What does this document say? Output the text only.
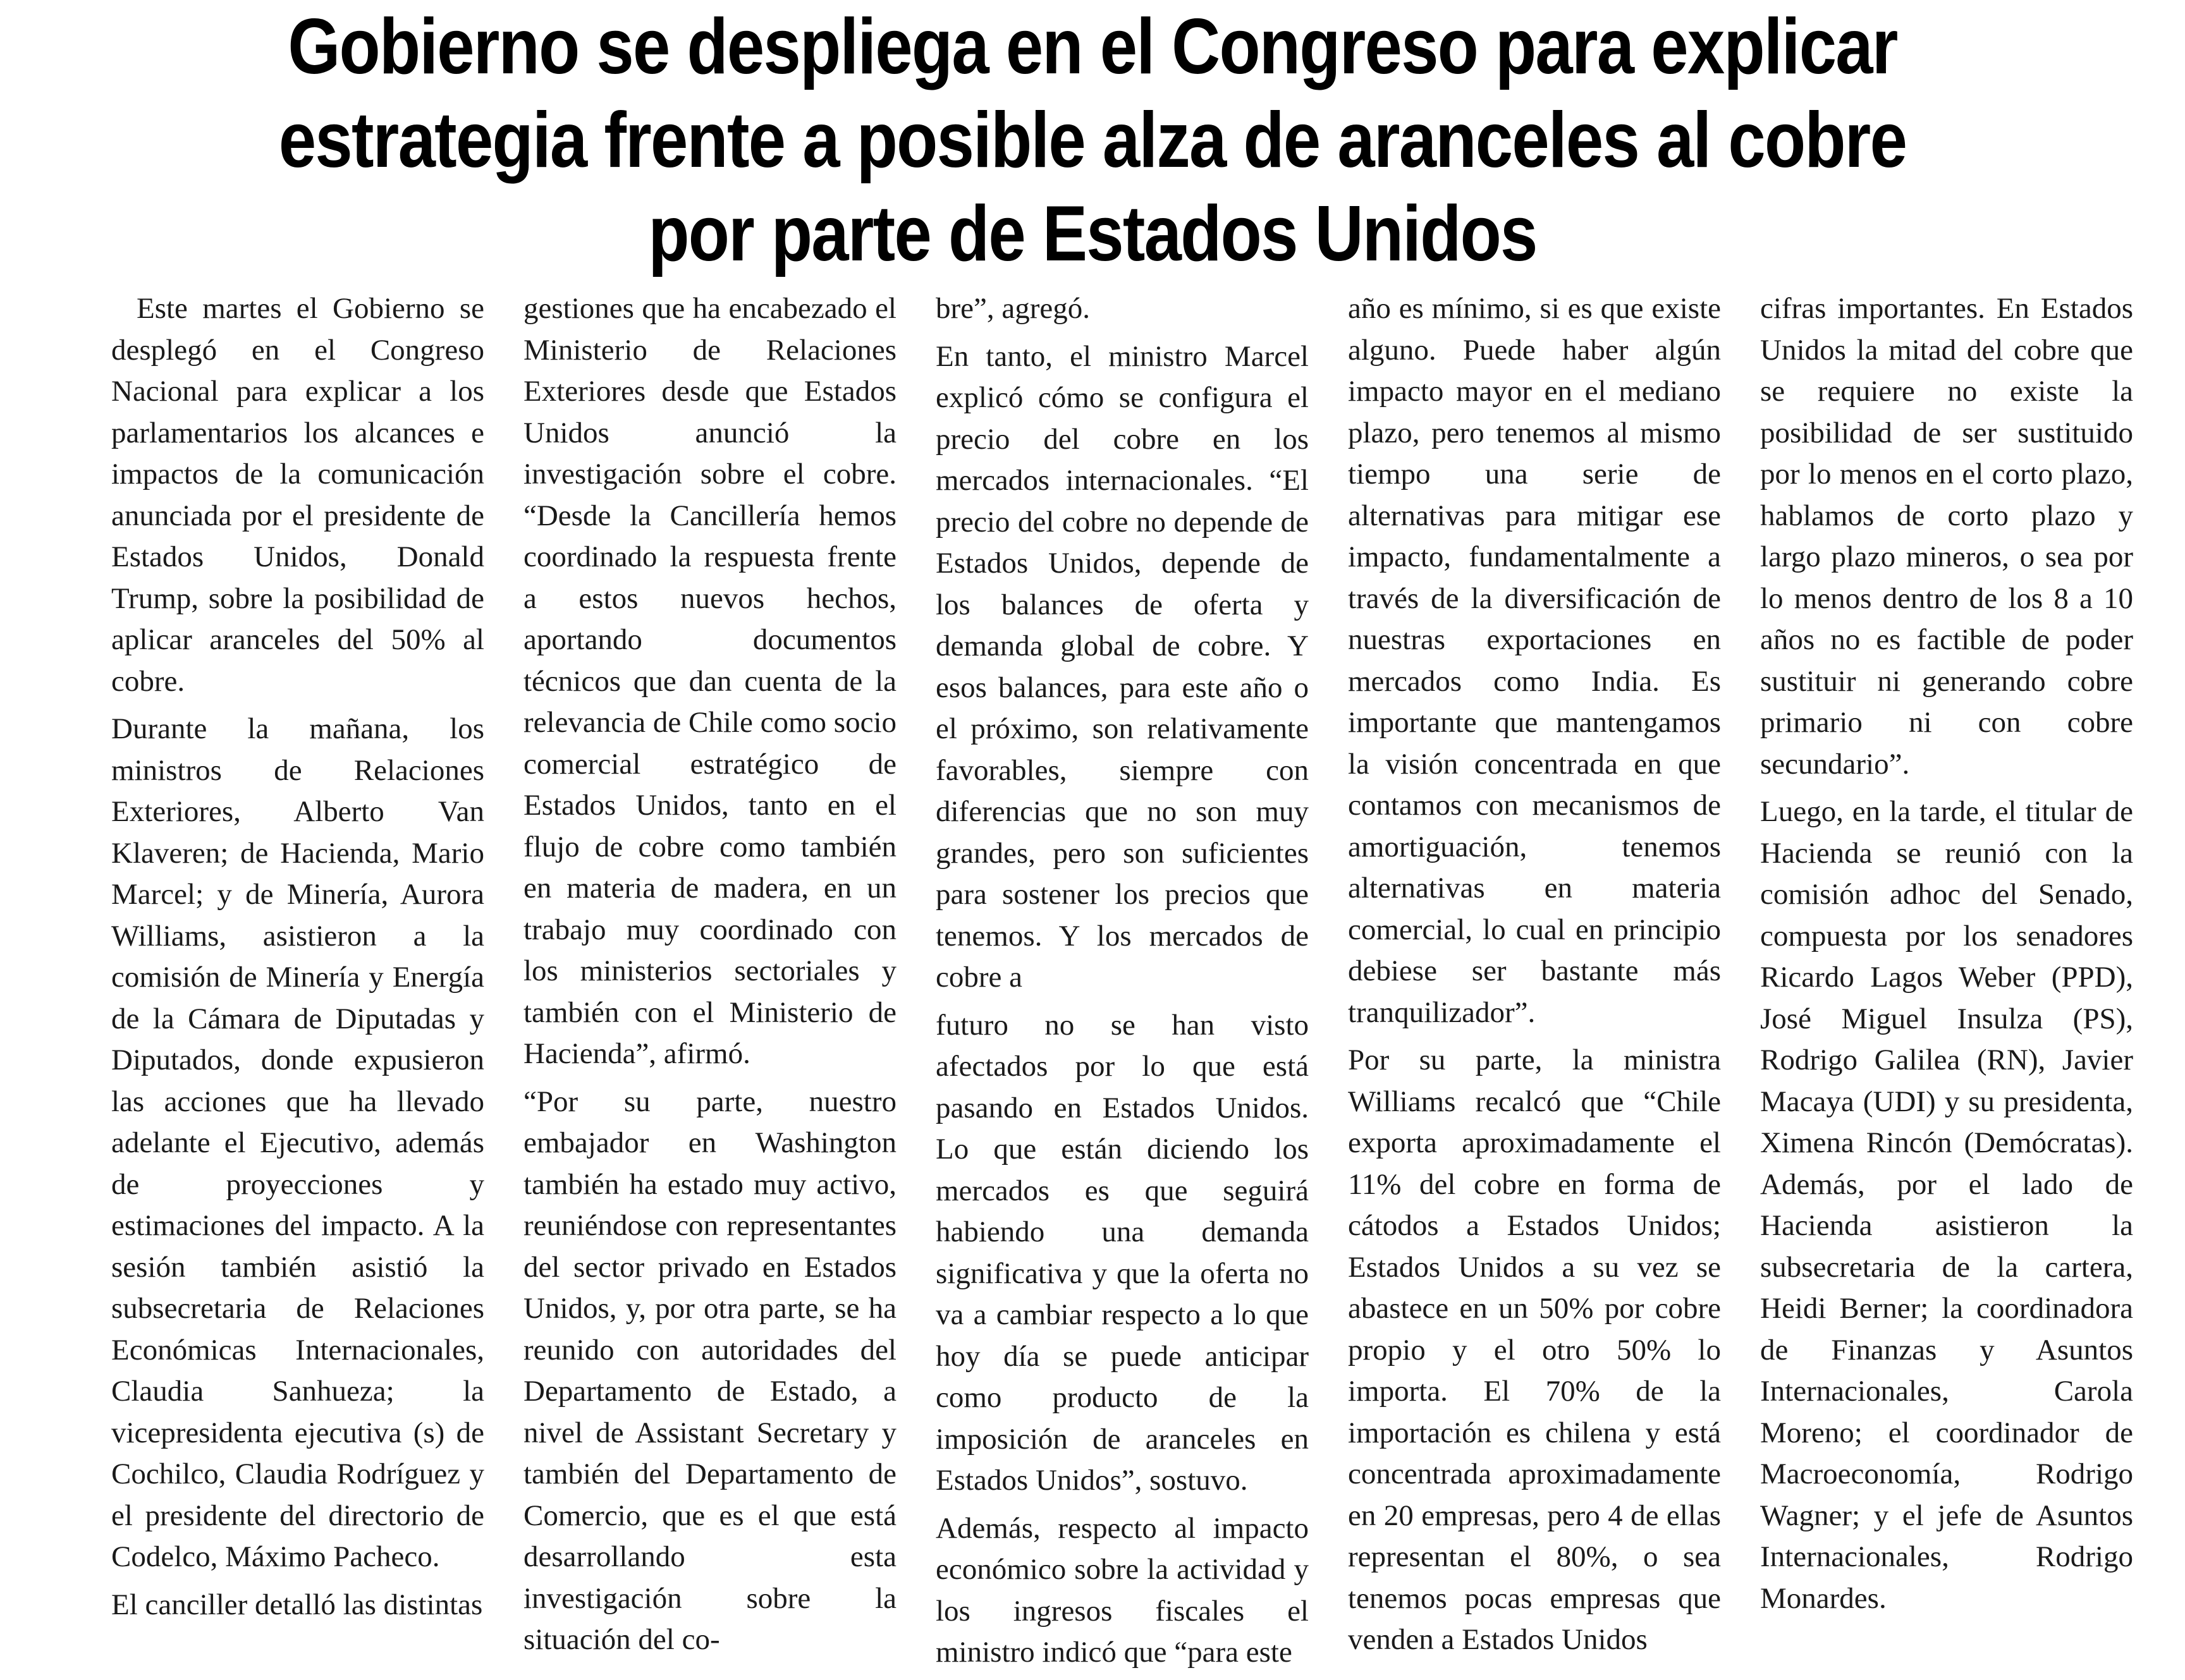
Gobierno se despliega en el Congreso para explicar
estrategia frente a posible alza de aranceles al cobre
por parte de Estados Unidos

Este martes el Gobierno se desplegó en el Congreso Nacional para explicar a los parlamentarios los alcances e impactos de la comunicación anunciada por el presidente de Estados Unidos, Donald Trump, sobre la posibilidad de aplicar aranceles del 50% al cobre.

Durante la mañana, los ministros de Relaciones Exteriores, Alberto Van Klaveren; de Hacienda, Mario Marcel; y de Minería, Aurora Williams, asistieron a la comisión de Minería y Energía de la Cámara de Diputadas y Diputados, donde expusieron las acciones que ha llevado adelante el Ejecutivo, además de proyecciones y estimaciones del impacto. A la sesión también asistió la subsecretaria de Relaciones Económicas Internacionales, Claudia Sanhueza; la vicepresidenta ejecutiva (s) de Cochilco, Claudia Rodríguez y el presidente del directorio de Codelco, Máximo Pacheco.

El canciller detalló las distintas

gestiones que ha encabezado el Ministerio de Relaciones Exteriores desde que Estados Unidos anunció la investigación sobre el cobre. “Desde la Cancillería hemos coordinado la respuesta frente a estos nuevos hechos, aportando documentos técnicos que dan cuenta de la relevancia de Chile como socio comercial estratégico de Estados Unidos, tanto en el flujo de cobre como también en materia de madera, en un trabajo muy coordinado con los ministerios sectoriales y también con el Ministerio de Hacienda”, afirmó.

“Por su parte, nuestro embajador en Washington también ha estado muy activo, reuniéndose con representantes del sector privado en Estados Unidos, y, por otra parte, se ha reunido con autoridades del Departamento de Estado, a nivel de Assistant Secretary y también del Departamento de Comercio, que es el que está desarrollando esta investigación sobre la situación del co-

bre”, agregó.

En tanto, el ministro Marcel explicó cómo se configura el precio del cobre en los mercados internacionales. “El precio del cobre no depende de Estados Unidos, depende de los balances de oferta y demanda global de cobre. Y esos balances, para este año o el próximo, son relativamente favorables, siempre con diferencias que no son muy grandes, pero son suficientes para sostener los precios que tenemos. Y los mercados de cobre a

futuro no se han visto afectados por lo que está pasando en Estados Unidos. Lo que están diciendo los mercados es que seguirá habiendo una demanda significativa y que la oferta no va a cambiar respecto a lo que hoy día se puede anticipar como producto de la imposición de aranceles en Estados Unidos”, sostuvo.

Además, respecto al impacto económico sobre la actividad y los ingresos fiscales el ministro indicó que “para este

año es mínimo, si es que existe alguno. Puede haber algún impacto mayor en el mediano plazo, pero tenemos al mismo tiempo una serie de alternativas para mitigar ese impacto, fundamentalmente a través de la diversificación de nuestras exportaciones en mercados como India. Es importante que mantengamos la visión concentrada en que contamos con mecanismos de amortiguación, tenemos alternativas en materia comercial, lo cual en principio debiese ser bastante más tranquilizador”.

Por su parte, la ministra Williams recalcó que “Chile exporta aproximadamente el 11% del cobre en forma de cátodos a Estados Unidos; Estados Unidos a su vez se abastece en un 50% por cobre propio y el otro 50% lo importa. El 70% de la importación es chilena y está concentrada aproximadamente en 20 empresas, pero 4 de ellas representan el 80%, o sea tenemos pocas empresas que venden a Estados Unidos

cifras importantes. En Estados Unidos la mitad del cobre que se requiere no existe la posibilidad de ser sustituido por lo menos en el corto plazo, hablamos de corto plazo y largo plazo mineros, o sea por lo menos dentro de los 8 a 10 años no es factible de poder sustituir ni generando cobre primario ni con cobre secundario”.

Luego, en la tarde, el titular de Hacienda se reunió con la comisión adhoc del Senado, compuesta por los senadores Ricardo Lagos Weber (PPD), José Miguel Insulza (PS), Rodrigo Galilea (RN), Javier Macaya (UDI) y su presidenta, Ximena Rincón (Demócratas). Además, por el lado de Hacienda asistieron la subsecretaria de la cartera, Heidi Berner; la coordinadora de Finanzas y Asuntos Internacionales, Carola Moreno; el coordinador de Macroeconomía, Rodrigo Wagner; y el jefe de Asuntos Internacionales, Rodrigo Monardes.
